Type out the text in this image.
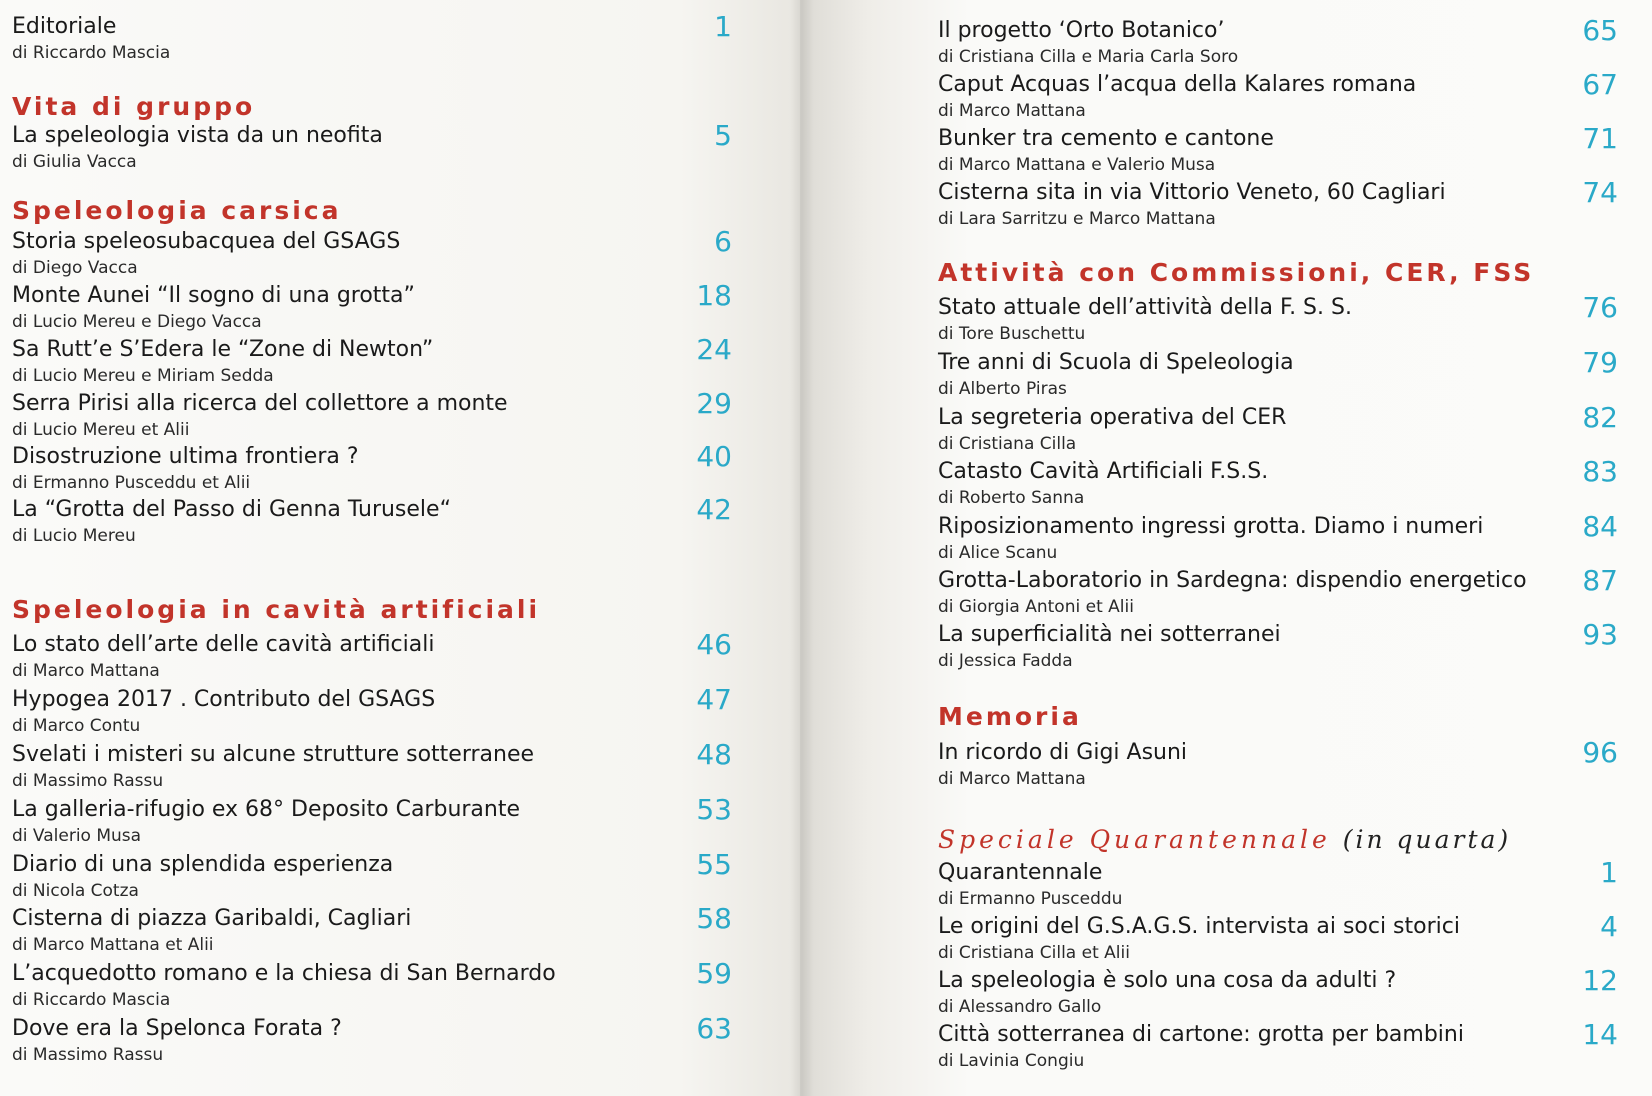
Editoriale
di Riccardo Mascia
1
Vita di gruppo
La speleologia vista da un neofita
di Giulia Vacca
5
Speleologia carsica
Storia speleosubacquea del GSAGS
di Diego Vacca
6
Monte Aunei “Il sogno di una grotta”
di Lucio Mereu e Diego Vacca
18
Sa Rutt’e S’Edera le “Zone di Newton”
di Lucio Mereu e Miriam Sedda
24
Serra Pirisi alla ricerca del collettore a monte
di Lucio Mereu et Alii
29
Disostruzione ultima frontiera ?
di Ermanno Pusceddu et Alii
40
La “Grotta del Passo di Genna Turusele“
di Lucio Mereu
42
Speleologia in cavità artificiali
Lo stato dell’arte delle cavità artificiali
di Marco Mattana
46
Hypogea 2017 . Contributo del GSAGS
di Marco Contu
47
Svelati i misteri su alcune strutture sotterranee
di Massimo Rassu
48
La galleria-rifugio ex 68° Deposito Carburante
di Valerio Musa
53
Diario di una splendida esperienza
di Nicola Cotza
55
Cisterna di piazza Garibaldi, Cagliari
di Marco Mattana et Alii
58
L’acquedotto romano e la chiesa di San Bernardo
di Riccardo Mascia
59
Dove era la Spelonca Forata ?
di Massimo Rassu
63
Il progetto ‘Orto Botanico’
di Cristiana Cilla e Maria Carla Soro
65
Caput Acquas l’acqua della Kalares romana
di Marco Mattana
67
Bunker tra cemento e cantone
di Marco Mattana e Valerio Musa
71
Cisterna sita in via Vittorio Veneto, 60 Cagliari
di Lara Sarritzu e Marco Mattana
74
Attività con Commissioni, CER, FSS
Stato attuale dell’attività della F. S. S.
di Tore Buschettu
76
Tre anni di Scuola di Speleologia
di Alberto Piras
79
La segreteria operativa del CER
di Cristiana Cilla
82
Catasto Cavità Artificiali F.S.S.
di Roberto Sanna
83
Riposizionamento ingressi grotta. Diamo i numeri
di Alice Scanu
84
Grotta-Laboratorio in Sardegna: dispendio energetico
di Giorgia Antoni et Alii
87
La superficialità nei sotterranei
di Jessica Fadda
93
Memoria
In ricordo di Gigi Asuni
di Marco Mattana
96
Speciale Quarantennale (in quarta)
Quarantennale
di Ermanno Pusceddu
1
Le origini del G.S.A.G.S. intervista ai soci storici
di Cristiana Cilla et Alii
4
La speleologia è solo una cosa da adulti ?
di Alessandro Gallo
12
Città sotterranea di cartone: grotta per bambini
di Lavinia Congiu
14
